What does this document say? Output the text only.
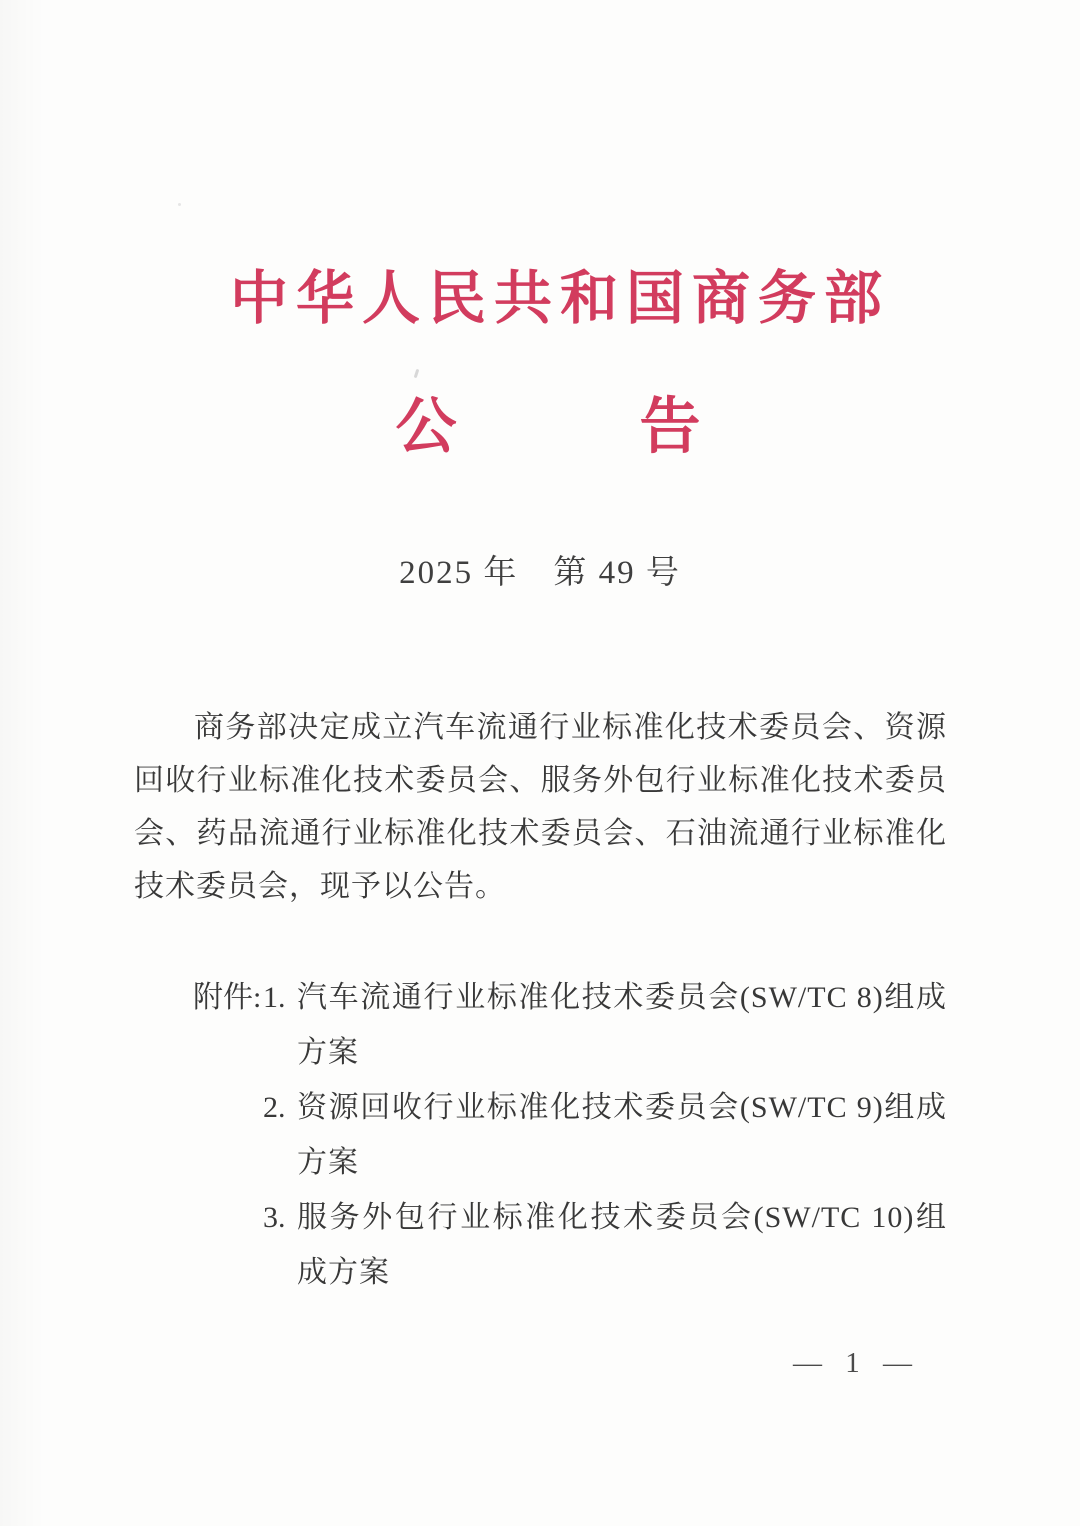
中华人民共和国商务部
公　　　告
2025 年　第 49 号
商务部决定成立汽车流通行业标准化技术委员会、资源回收行业标准化技术委员会、服务外包行业标准化技术委员会、药品流通行业标准化技术委员会、石油流通行业标准化技术委员会，现予以公告。
附件: 1. 汽车流通行业标准化技术委员会(SW/TC 8)组成方案
2. 资源回收行业标准化技术委员会(SW/TC 9)组成方案
3. 服务外包行业标准化技术委员会(SW/TC 10)组成方案
— 1 —
